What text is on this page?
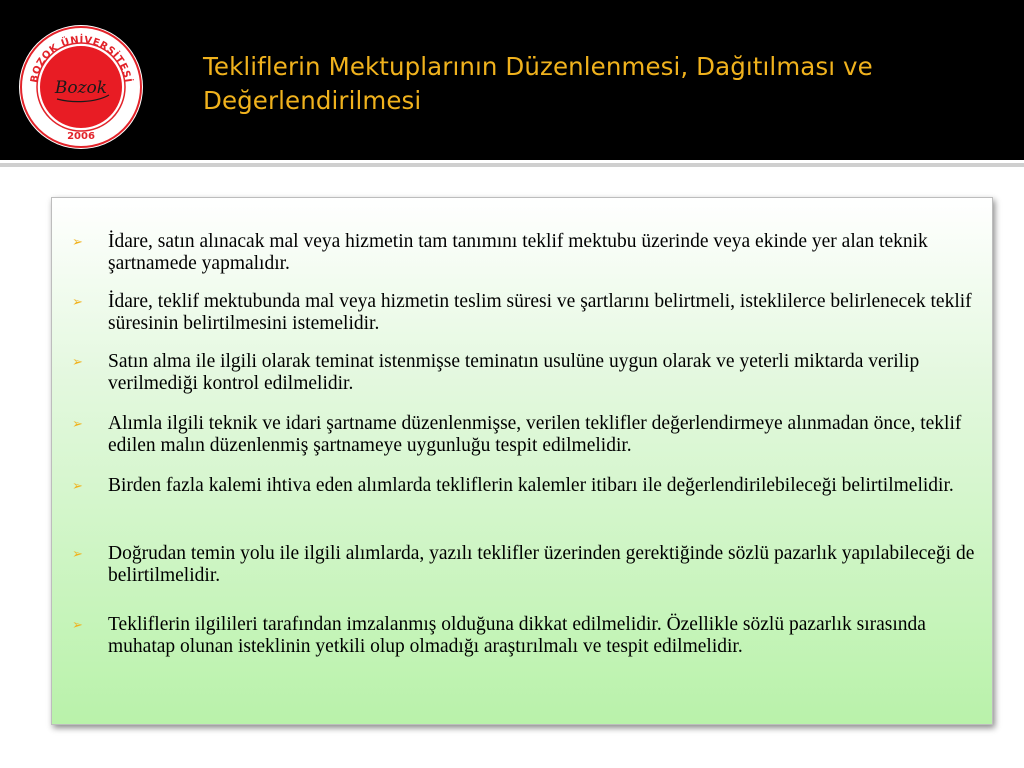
BOZOK ÜNİVERSİTESİ
Bozok
2006
Tekliflerin Mektuplarının Düzenlenmesi, Dağıtılması ve Değerlendirilmesi
➢	İdare, satın alınacak mal veya hizmetin tam tanımını teklif mektubu üzerinde veya ekinde yer alan teknik şartnamede yapmalıdır.
➢	İdare, teklif mektubunda mal veya hizmetin teslim süresi ve şartlarını belirtmeli, isteklilerce belirlenecek teklif süresinin belirtilmesini istemelidir.
➢	Satın alma ile ilgili olarak teminat istenmişse teminatın usulüne uygun olarak ve yeterli miktarda verilip verilmediği kontrol edilmelidir.
➢	Alımla ilgili teknik ve idari şartname düzenlenmişse, verilen teklifler değerlendirmeye alınmadan önce, teklif edilen malın düzenlenmiş şartnameye uygunluğu tespit edilmelidir.
➢	Birden fazla kalemi ihtiva eden alımlarda tekliflerin kalemler itibarı ile değerlendirilebileceği belirtilmelidir.
➢	Doğrudan temin yolu ile ilgili alımlarda, yazılı teklifler üzerinden gerektiğinde sözlü pazarlık yapılabileceği de belirtilmelidir.
➢	Tekliflerin ilgilileri tarafından imzalanmış olduğuna dikkat edilmelidir. Özellikle sözlü pazarlık sırasında muhatap olunan isteklinin yetkili olup olmadığı araştırılmalı ve tespit edilmelidir.
